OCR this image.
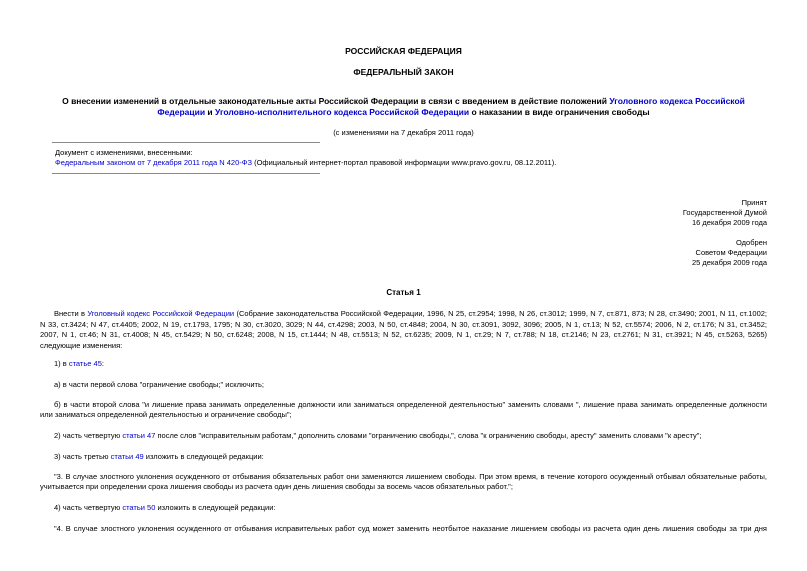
РОССИЙСКАЯ ФЕДЕРАЦИЯ
ФЕДЕРАЛЬНЫЙ ЗАКОН
О внесении изменений в отдельные законодательные акты Российской Федерации в связи с введением в действие положений Уголовного кодекса Российской Федерации и Уголовно-исполнительного кодекса Российской Федерации о наказании в виде ограничения свободы
(с изменениями на 7 декабря 2011 года)
Документ с изменениями, внесенными:
Федеральным законом от 7 декабря 2011 года N 420-ФЗ (Официальный интернет-портал правовой информации www.pravo.gov.ru, 08.12.2011).
Принят
Государственной Думой
16 декабря 2009 года
Одобрен
Советом Федерации
25 декабря 2009 года
Статья 1
Внести в Уголовный кодекс Российской Федерации (Собрание законодательства Российской Федерации, 1996, N 25, ст.2954; 1998, N 26, ст.3012; 1999, N 7, ст.871, 873; N 28, ст.3490; 2001, N 11, ст.1002; N 33, ст.3424; N 47, ст.4405; 2002, N 19, ст.1793, 1795; N 30, ст.3020, 3029; N 44, ст.4298; 2003, N 50, ст.4848; 2004, N 30, ст.3091, 3092, 3096; 2005, N 1, ст.13; N 52, ст.5574; 2006, N 2, ст.176; N 31, ст.3452; 2007, N 1, ст.46; N 31, ст.4008; N 45, ст.5429; N 50, ст.6248; 2008, N 15, ст.1444; N 48, ст.5513; N 52, ст.6235; 2009, N 1, ст.29; N 7, ст.788; N 18, ст.2146; N 23, ст.2761; N 31, ст.3921; N 45, ст.5263, 5265) следующие изменения:
1) в статье 45:
а) в части первой слова "ограничение свободы;" исключить;
б) в части второй слова "и лишение права занимать определенные должности или заниматься определенной деятельностью" заменить словами ", лишение права занимать определенные должности или заниматься определенной деятельностью и ограничение свободы";
2) часть четвертую статьи 47 после слов "исправительным работам," дополнить словами "ограничению свободы,", слова "к ограничению свободы, аресту" заменить словами "к аресту";
3) часть третью статьи 49 изложить в следующей редакции:
"3. В случае злостного уклонения осужденного от отбывания обязательных работ они заменяются лишением свободы. При этом время, в течение которого осужденный отбывал обязательные работы, учитывается при определении срока лишения свободы из расчета один день лишения свободы за восемь часов обязательных работ.";
4) часть четвертую статьи 50 изложить в следующей редакции:
"4. В случае злостного уклонения осужденного от отбывания исправительных работ суд может заменить неотбытое наказание лишением свободы из расчета один день лишения свободы за три дня
